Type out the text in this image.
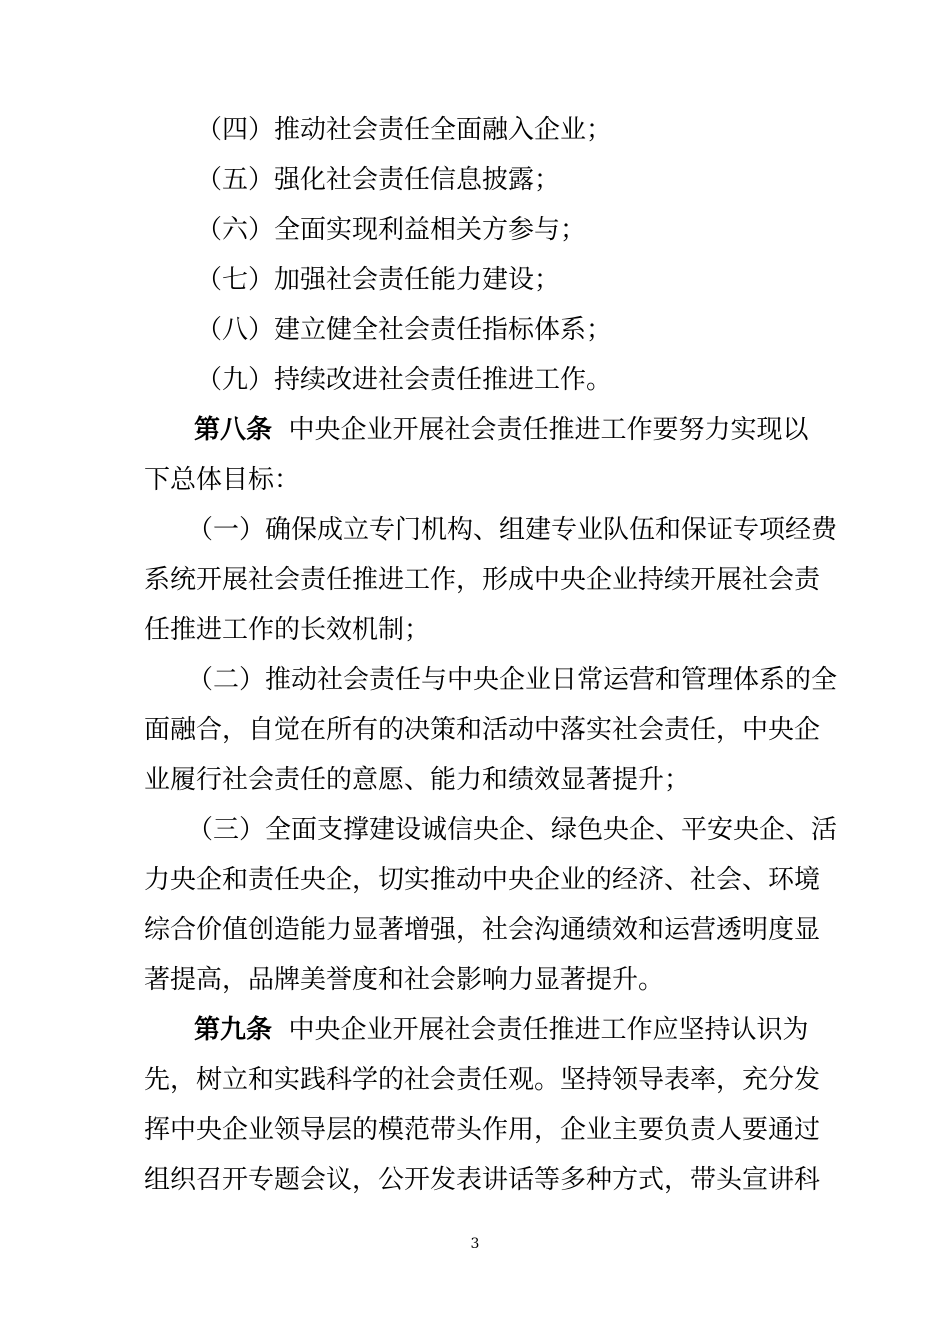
（四）推动社会责任全面融入企业；
（五）强化社会责任信息披露；
（六）全面实现利益相关方参与；
（七）加强社会责任能力建设；
（八）建立健全社会责任指标体系；
（九）持续改进社会责任推进工作。
第八条 中央企业开展社会责任推进工作要努力实现以
下总体目标：
（一）确保成立专门机构、组建专业队伍和保证专项经费
系统开展社会责任推进工作，形成中央企业持续开展社会责
任推进工作的长效机制；
（二）推动社会责任与中央企业日常运营和管理体系的全
面融合，自觉在所有的决策和活动中落实社会责任，中央企
业履行社会责任的意愿、能力和绩效显著提升；
（三）全面支撑建设诚信央企、绿色央企、平安央企、活
力央企和责任央企，切实推动中央企业的经济、社会、环境
综合价值创造能力显著增强，社会沟通绩效和运营透明度显
著提高，品牌美誉度和社会影响力显著提升。
第九条 中央企业开展社会责任推进工作应坚持认识为
先，树立和实践科学的社会责任观。坚持领导表率，充分发
挥中央企业领导层的模范带头作用，企业主要负责人要通过
组织召开专题会议，公开发表讲话等多种方式，带头宣讲科
3
